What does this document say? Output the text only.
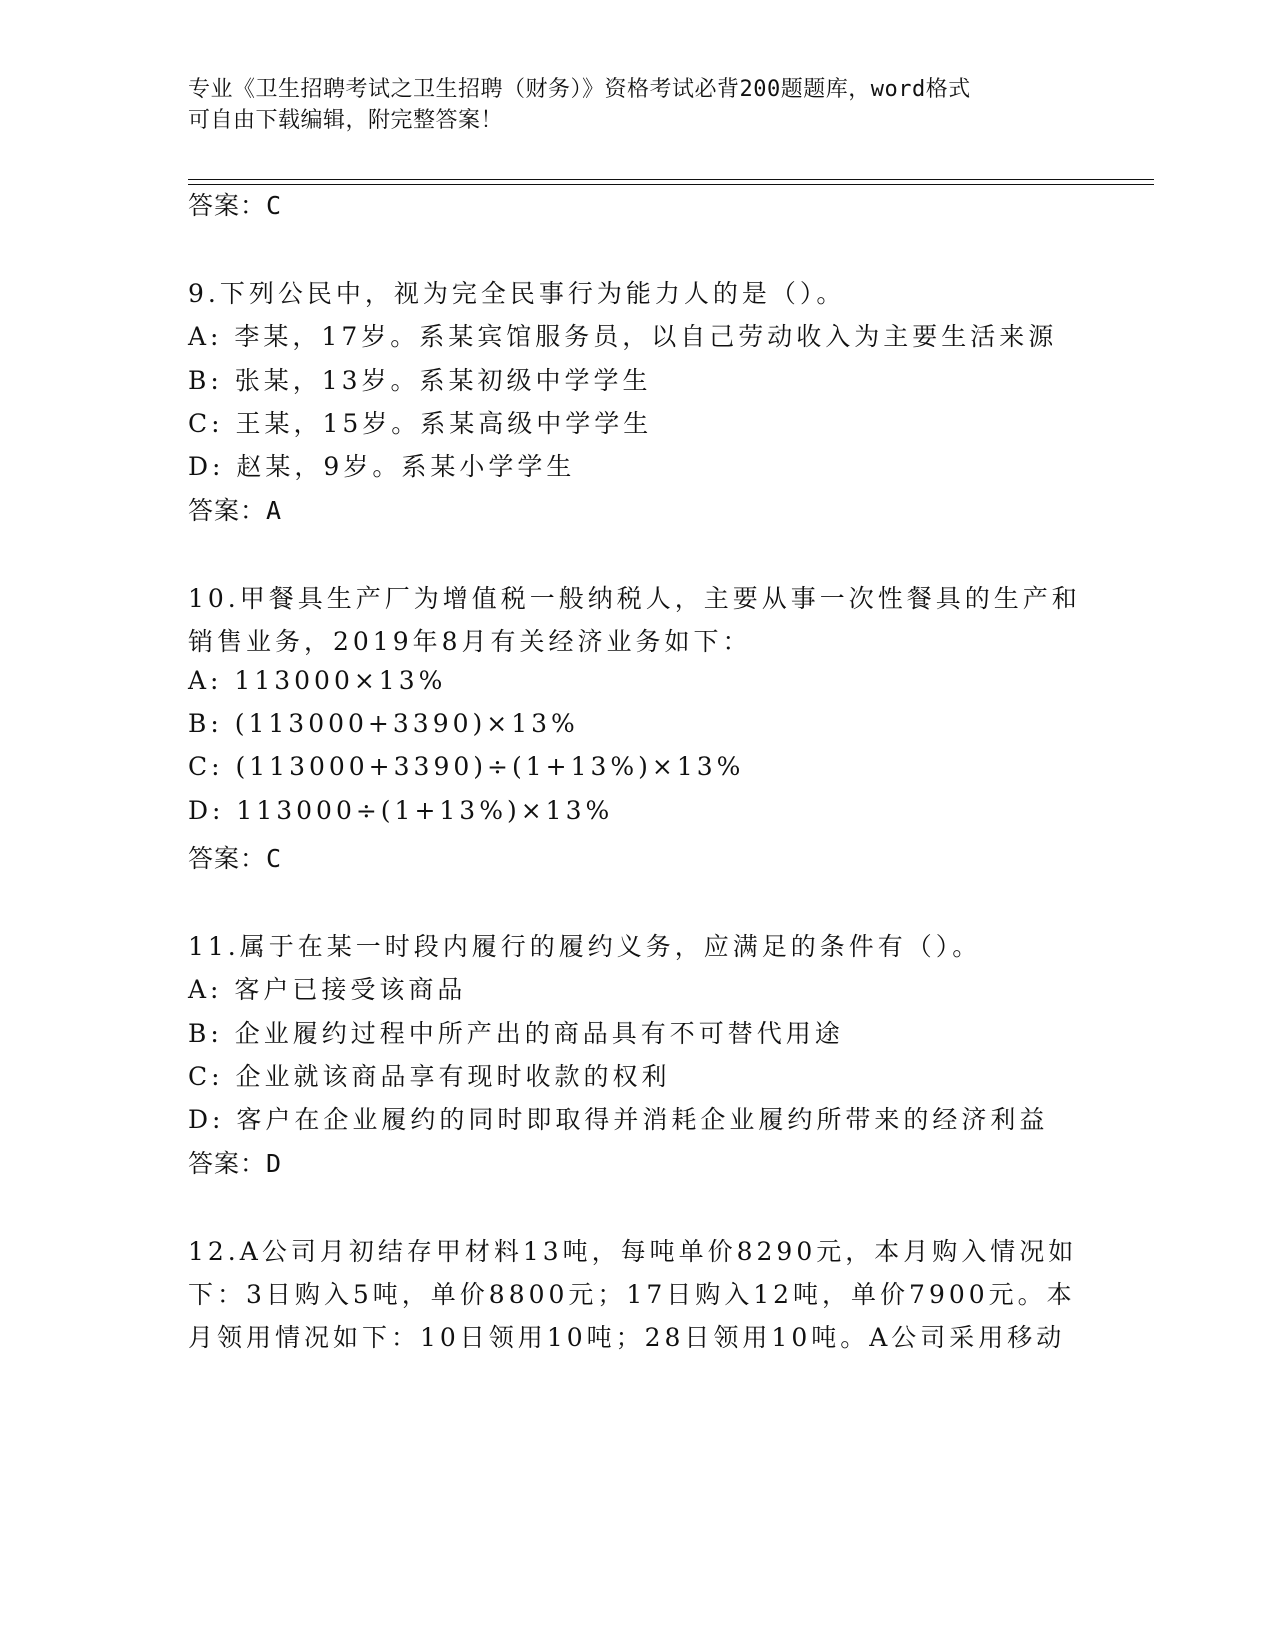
专业《卫生招聘考试之卫生招聘（财务）》资格考试必背200题题库，word格式
可自由下载编辑，附完整答案！
答案：C
9.下列公民中，视为完全民事行为能力人的是（）。
A: 李某，17岁。系某宾馆服务员，以自己劳动收入为主要生活来源
B: 张某，13岁。系某初级中学学生
C: 王某，15岁。系某高级中学学生
D: 赵某，9岁。系某小学学生
答案：A
10.甲餐具生产厂为增值税一般纳税人，主要从事一次性餐具的生产和
销售业务，2019年8月有关经济业务如下：
A: 113000×13%
B: (113000+3390)×13%
C: (113000+3390)÷(1+13%)×13%
D: 113000÷(1+13%)×13%
答案：C
11.属于在某一时段内履行的履约义务，应满足的条件有（）。
A: 客户已接受该商品
B: 企业履约过程中所产出的商品具有不可替代用途
C: 企业就该商品享有现时收款的权利
D: 客户在企业履约的同时即取得并消耗企业履约所带来的经济利益
答案：D
12.A公司月初结存甲材料13吨，每吨单价8290元，本月购入情况如
下：3日购入5吨，单价8800元；17日购入12吨，单价7900元。本
月领用情况如下：10日领用10吨；28日领用10吨。A公司采用移动
